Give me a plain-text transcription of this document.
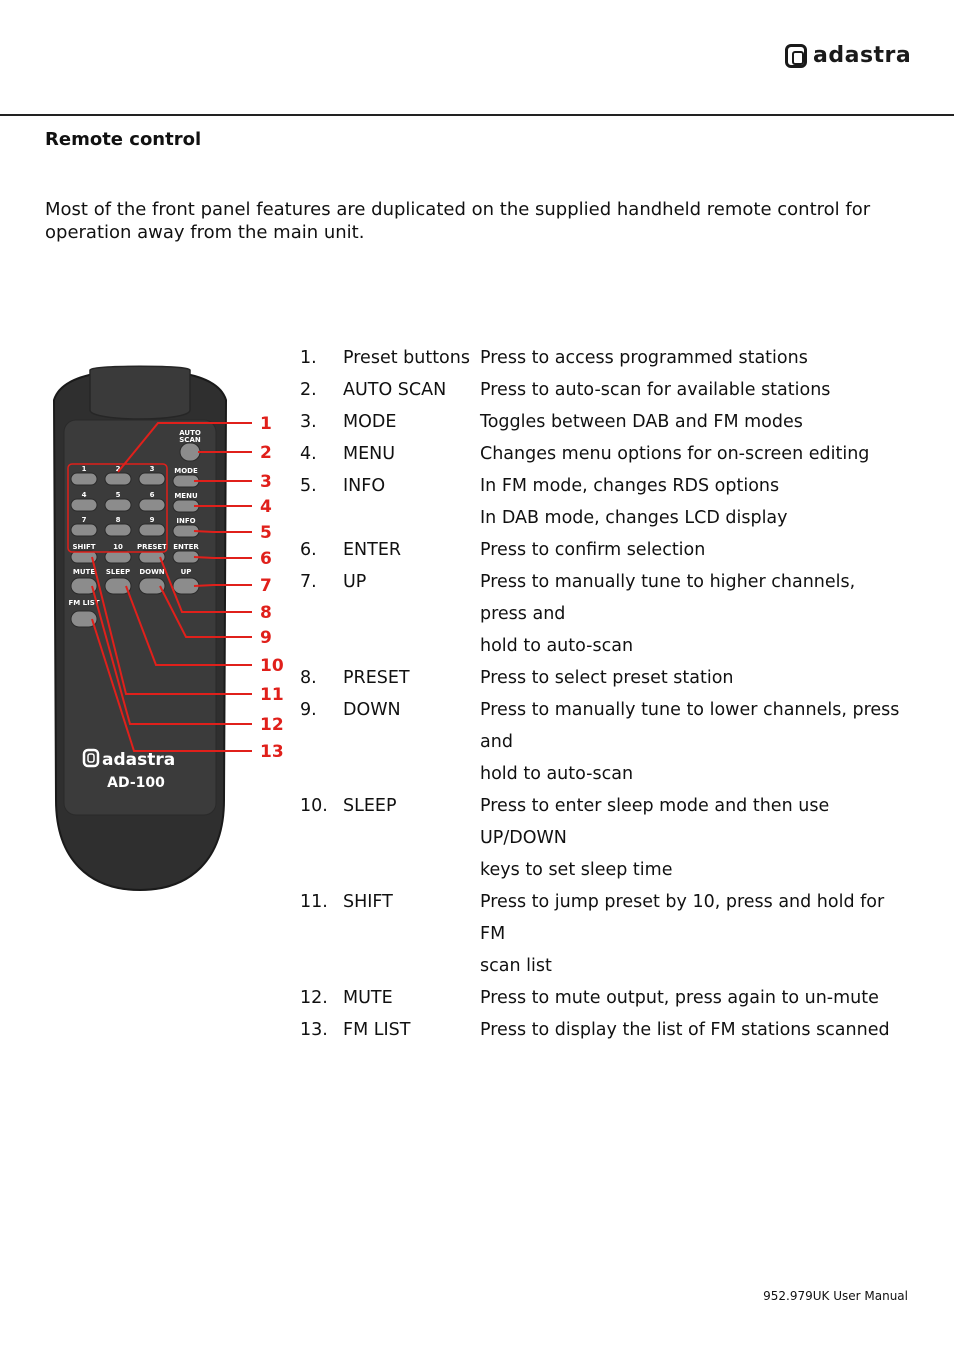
adastra
Remote control
Most of the front panel features are duplicated on the supplied handheld remote control for operation away from the main unit.
AUTO
SCAN
MODE
MENU
INFO
ENTER
SHIFT	10 PRESET
MUTE SLEEP DOWN UP
FM LIST
1	2	3
4	5	6
7	8	9
1
2
3
4
5
6
7
8
9
10
11
12
13
adastra
AD-100
1.	Preset buttons	Press to access programmed stations

2.	AUTO SCAN	Press to auto-scan for available stations

3.	MODE	Toggles between DAB and FM modes

4.	MENU	Changes menu options for on-screen editing

5.	INFO	In FM mode, changes RDS options
In DAB mode, changes LCD display

6.	ENTER	Press to confirm selection

7.	UP	Press to manually tune to higher channels, press and
hold to auto-scan

8.	PRESET	Press to select preset station

9.	DOWN	Press to manually tune to lower channels, press and
hold to auto-scan

10.	SLEEP	Press to enter sleep mode and then use UP/DOWN
keys to set sleep time

11.	SHIFT	Press to jump preset by 10, press and hold for FM
scan list

12.	MUTE	Press to mute output, press again to un-mute

13.	FM LIST	Press to display the list of FM stations scanned
952.979UK User Manual
